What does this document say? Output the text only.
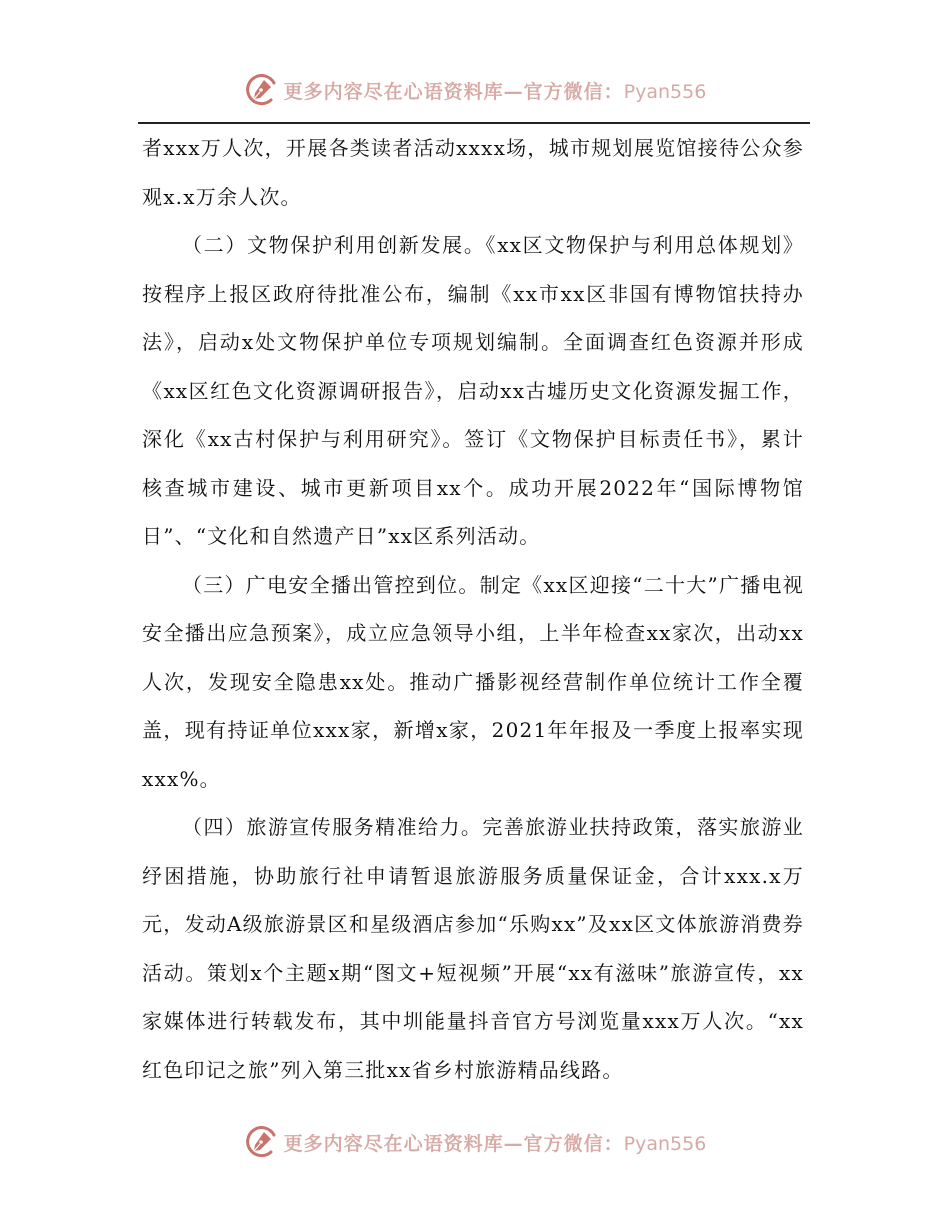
更多内容尽在心语资料库—官方微信：Pyan556

者xxx万人次，开展各类读者活动xxxx场，城市规划展览馆接待公众参观x.x万余人次。

（二）文物保护利用创新发展。《xx区文物保护与利用总体规划》按程序上报区政府待批准公布，编制《xx市xx区非国有博物馆扶持办法》，启动x处文物保护单位专项规划编制。全面调查红色资源并形成《xx区红色文化资源调研报告》，启动xx古墟历史文化资源发掘工作，深化《xx古村保护与利用研究》。签订《文物保护目标责任书》，累计核查城市建设、城市更新项目xx个。成功开展2022年“国际博物馆日”、“文化和自然遗产日”xx区系列活动。

（三）广电安全播出管控到位。制定《xx区迎接“二十大”广播电视安全播出应急预案》，成立应急领导小组，上半年检查xx家次，出动xx人次，发现安全隐患xx处。推动广播影视经营制作单位统计工作全覆盖，现有持证单位xxx家，新增x家，2021年年报及一季度上报率实现xxx%。

（四）旅游宣传服务精准给力。完善旅游业扶持政策，落实旅游业纾困措施，协助旅行社申请暂退旅游服务质量保证金，合计xxx.x万元，发动A级旅游景区和星级酒店参加“乐购xx”及xx区文体旅游消费券活动。策划x个主题x期“图文+短视频”开展“xx有滋味”旅游宣传，xx家媒体进行转载发布，其中圳能量抖音官方号浏览量xxx万人次。“xx红色印记之旅”列入第三批xx省乡村旅游精品线路。

更多内容尽在心语资料库—官方微信：Pyan556
